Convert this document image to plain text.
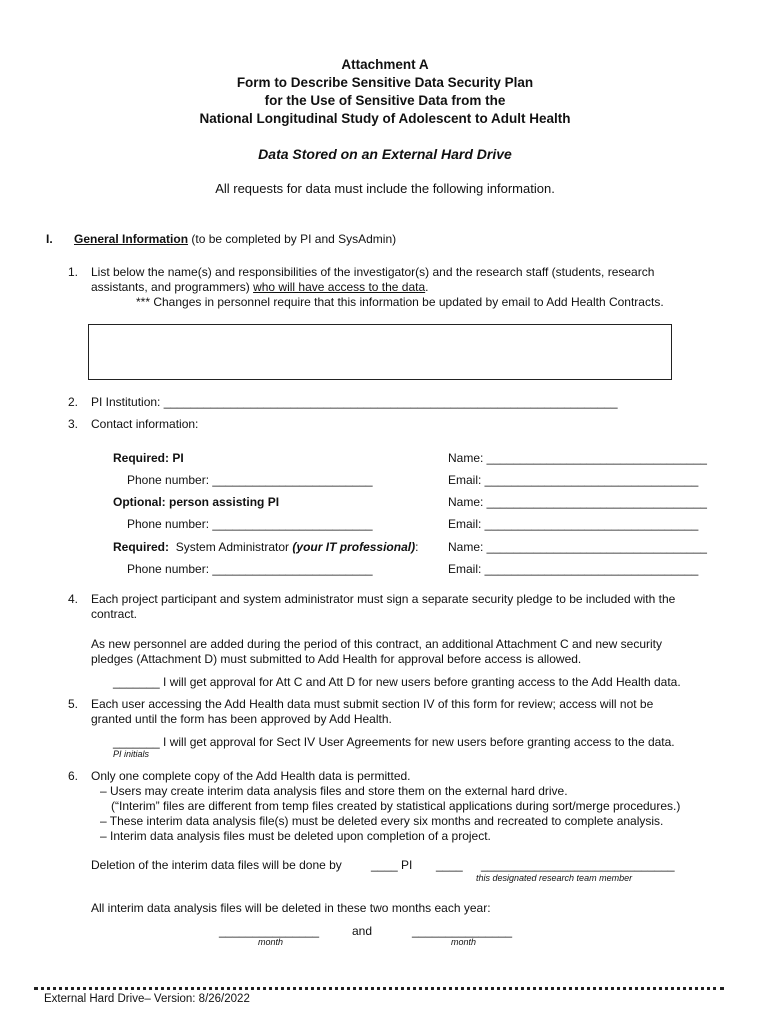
Attachment A
Form to Describe Sensitive Data Security Plan
for the Use of Sensitive Data from the
National Longitudinal Study of Adolescent to Adult Health
Data Stored on an External Hard Drive
All requests for data must include the following information.
I. General Information (to be completed by PI and SysAdmin)
1. List below the name(s) and responsibilities of the investigator(s) and the research staff (students, research
assistants, and programmers) who will have access to the data.
*** Changes in personnel require that this information be updated by email to Add Health Contracts.
2. PI Institution: ____________________________________________________________________
3. Contact information:
Required: PI	Name: _________________________________
Phone number: ________________________	Email: ________________________________
Optional: person assisting PI	Name: _________________________________
Phone number: ________________________	Email: ________________________________
Required: System Administrator (your IT professional): Name: _________________________________
Phone number: ________________________	Email: ________________________________
4. Each project participant and system administrator must sign a separate security pledge to be included with the
contract.
As new personnel are added during the period of this contract, an additional Attachment C and new security
pledges (Attachment D) must submitted to Add Health for approval before access is allowed.
_______ I will get approval for Att C and Att D for new users before granting access to the Add Health data.
5. Each user accessing the Add Health data must submit section IV of this form for review; access will not be
granted until the form has been approved by Add Health.
_______ I will get approval for Sect IV User Agreements for new users before granting access to the data.
PI initials
6. Only one complete copy of the Add Health data is permitted.
– Users may create interim data analysis files and store them on the external hard drive.
(“Interim” files are different from temp files created by statistical applications during sort/merge procedures.)
– These interim data analysis file(s) must be deleted every six months and recreated to complete analysis.
– Interim data analysis files must be deleted upon completion of a project.
Deletion of the interim data files will be done by ____ PI ____ _____________________________
this designated research team member
All interim data analysis files will be deleted in these two months each year:
_______________	and	_______________
month	month
External Hard Drive– Version: 8/26/2022
